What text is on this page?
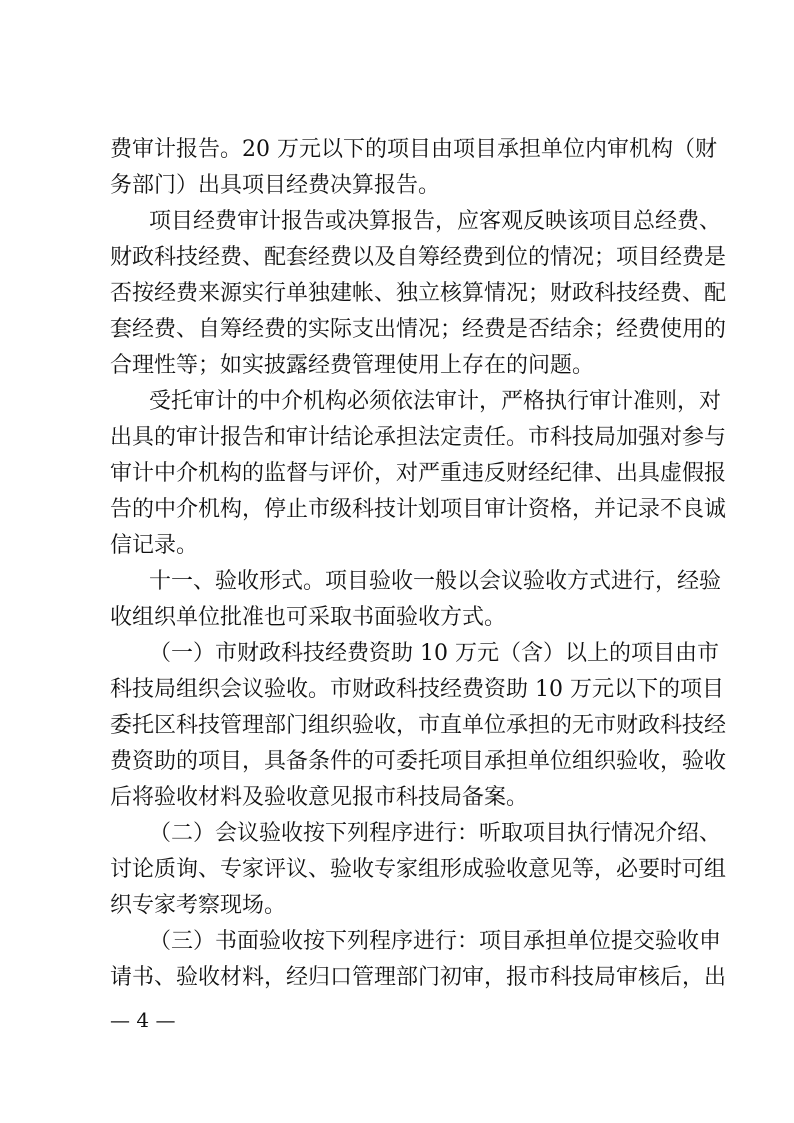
费审计报告。20 万元以下的项目由项目承担单位内审机构（财
务部门）出具项目经费决算报告。
项目经费审计报告或决算报告，应客观反映该项目总经费、
财政科技经费、配套经费以及自筹经费到位的情况；项目经费是
否按经费来源实行单独建帐、独立核算情况；财政科技经费、配
套经费、自筹经费的实际支出情况；经费是否结余；经费使用的
合理性等；如实披露经费管理使用上存在的问题。
受托审计的中介机构必须依法审计，严格执行审计准则，对
出具的审计报告和审计结论承担法定责任。市科技局加强对参与
审计中介机构的监督与评价，对严重违反财经纪律、出具虚假报
告的中介机构，停止市级科技计划项目审计资格，并记录不良诚
信记录。
十一、验收形式。项目验收一般以会议验收方式进行，经验
收组织单位批准也可采取书面验收方式。
（一）市财政科技经费资助 10 万元（含）以上的项目由市
科技局组织会议验收。市财政科技经费资助 10 万元以下的项目
委托区科技管理部门组织验收，市直单位承担的无市财政科技经
费资助的项目，具备条件的可委托项目承担单位组织验收，验收
后将验收材料及验收意见报市科技局备案。
（二）会议验收按下列程序进行：听取项目执行情况介绍、
讨论质询、专家评议、验收专家组形成验收意见等，必要时可组
织专家考察现场。
（三）书面验收按下列程序进行：项目承担单位提交验收申
请书、验收材料，经归口管理部门初审，报市科技局审核后，出
— 4 —
